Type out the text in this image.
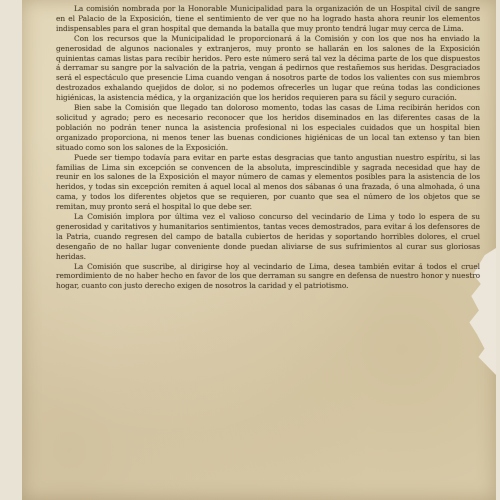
La comisión nombrada por la Honorable Municipalidad para la organización de un Hospital civil de sangre en el Palacio de la Exposición, tiene el sentimiento de ver que no ha logrado hasta ahora reunir los elementos indispensables para el gran hospital que demanda la batalla que muy pronto tendrá lugar muy cerca de Lima.

Con los recursos que la Municipalidad le proporcionará á la Comisión y con los que nos ha enviado la generosidad de algunos nacionales y extranjeros, muy pronto se hallarán en los salones de la Exposición quinientas camas listas para recibir heridos. Pero este número será tal vez la décima parte de los que dispuestos á derramar su sangre por la salvación de la patria, vengan á pedirnos que restañemos sus heridas. Desgraciados será el espectáculo que presencie Lima cuando vengan á nosotros parte de todos los valientes con sus miembros destrozados exhalando quejidos de dolor, si no podemos ofrecerles un lugar que reúna todas las condiciones higiénicas, la asistencia médica, y la organización que los heridos requieren para su fácil y seguro curación.

Bien sabe la Comisión que llegado tan doloroso momento, todas las casas de Lima recibirán heridos con solicitud y agrado; pero es necesario reconocer que los heridos diseminados en las diferentes casas de la población no podrán tener nunca la asistencia profesional ni los especiales cuidados que un hospital bien organizado proporciona, ni menos tener las buenas condiciones higiénicas de un local tan extenso y tan bien situado como son los salones de la Exposición.

Puede ser tiempo todavía para evitar en parte estas desgracias que tanto angustian nuestro espíritu, si las familias de Lima sin excepción se convencen de la absoluta, imprescindible y sagrada necesidad que hay de reunir en los salones de la Exposición el mayor número de camas y elementos posibles para la asistencia de los heridos, y todas sin excepción remiten á aquel local al menos dos sábanas ó una frazada, ó una almohada, ó una cama, y todos los diferentes objetos que se requieren, por cuanto que sea el número de los objetos que se remitan, muy pronto será el hospital lo que debe ser.

La Comisión implora por última vez el valioso concurso del vecindario de Lima y todo lo espera de su generosidad y caritativos y humanitarios sentimientos, tantas veces demostrados, para evitar á los defensores de la Patria, cuando regresen del campo de batalla cubiertos de heridas y soportando horribles dolores, el cruel desengaño de no hallar lugar conveniente donde puedan aliviarse de sus sufrimientos al curar sus gloriosas heridas.

La Comisión que suscribe, al dirigirse hoy al vecindario de Lima, desea también evitar á todos el cruel remordimiento de no haber hecho en favor de los que derraman su sangre en defensa de nuestro honor y nuestro hogar, cuanto con justo derecho exigen de nosotros la caridad y el patriotismo.
